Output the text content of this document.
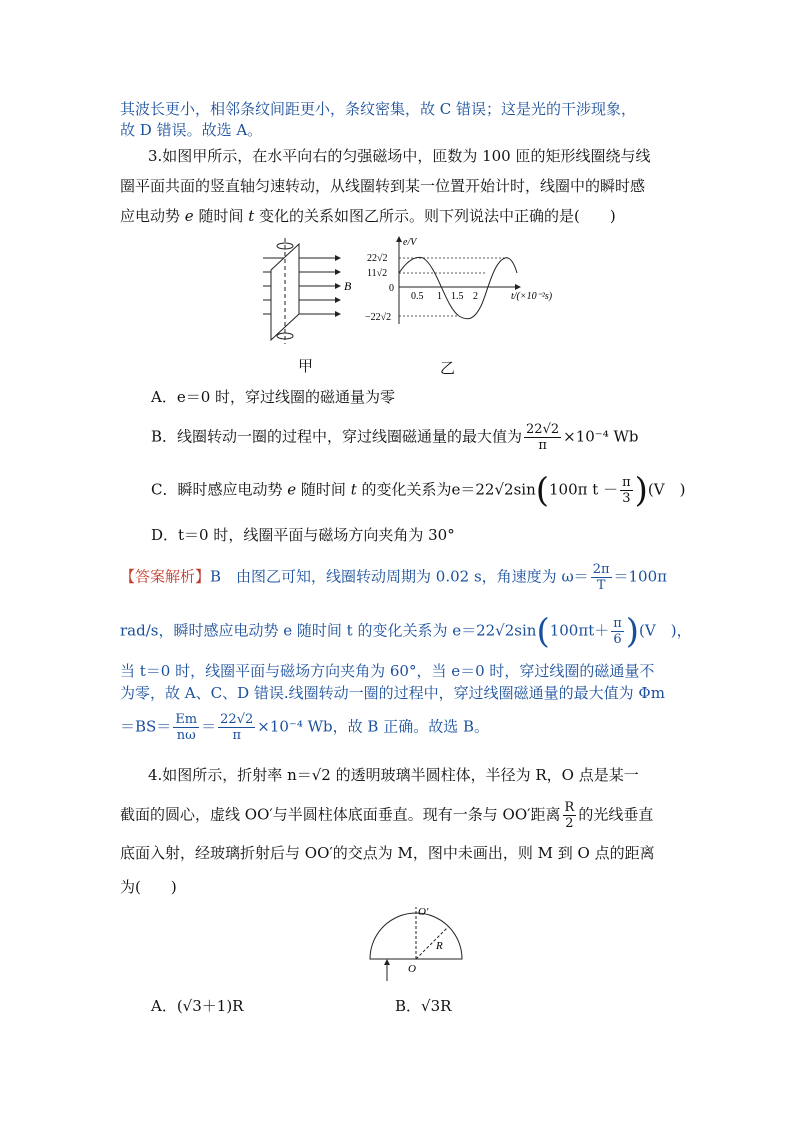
其波长更小，相邻条纹间距更小，条纹密集，故 C 错误；这是光的干涉现象，
故 D 错误。故选 A。
3.如图甲所示，在水平向右的匀强磁场中，匝数为 100 匝的矩形线圈绕与线
圈平面共面的竖直轴匀速转动，从线圈转到某一位置开始计时，线圈中的瞬时感
应电动势 e 随时间 t 变化的关系如图乙所示。则下列说法中正确的是(　　)
B
e/V
22√2
11√2
0
−22√2
0.5 1 1.5 2	t/(×10⁻²s)
甲	乙
A．e＝0 时，穿过线圈的磁通量为零
B．线圈转动一圈的过程中，穿过线圈磁通量的最大值为 $\frac{22√2}{\pi} \times 10^{-4}$ Wb
C．瞬时感应电动势 e 随时间 t 的变化关系为e＝22√2sin(100π $t - \frac{\pi}{3} )(V$　)
D．t＝0 时，线圈平面与磁场方向夹角为 30°
【答案解析】B　由图乙可知，线圈转动周期为 0.02 s，角速度为 $\omega= \frac{2\pi}{T} =100\pi$
rad/s，瞬时感应电动势 e 随时间 t 的变化关系为 $e=22√2\sin(100\pi t+ \frac{\pi}{6} )(V$　)，
当 t＝0 时，线圈平面与磁场方向夹角为 60°，当 e＝0 时，穿过线圈的磁通量不
为零，故 A、C、D 错误.线圈转动一圈的过程中，穿过线圈磁通量的最大值为 Φm
$=BS= \frac{Em}{n\omega} = \frac{22√2}{\pi} \times 10^{-4}$ Wb，故 B 正确。故选 B。
4.如图所示，折射率 n＝√2 的透明玻璃半圆柱体，半径为 R，O 点是某一
截面的圆心，虚线 OO′与半圆柱体底面垂直。现有一条与 OO′距离 $\frac{R}{2}$ 的光线垂直
底面入射，经玻璃折射后与 OO′的交点为 M，图中未画出，则 M 到 O 点的距离
为(　　)
O′
R
O
A．(√3＋1)R	B．√3R
